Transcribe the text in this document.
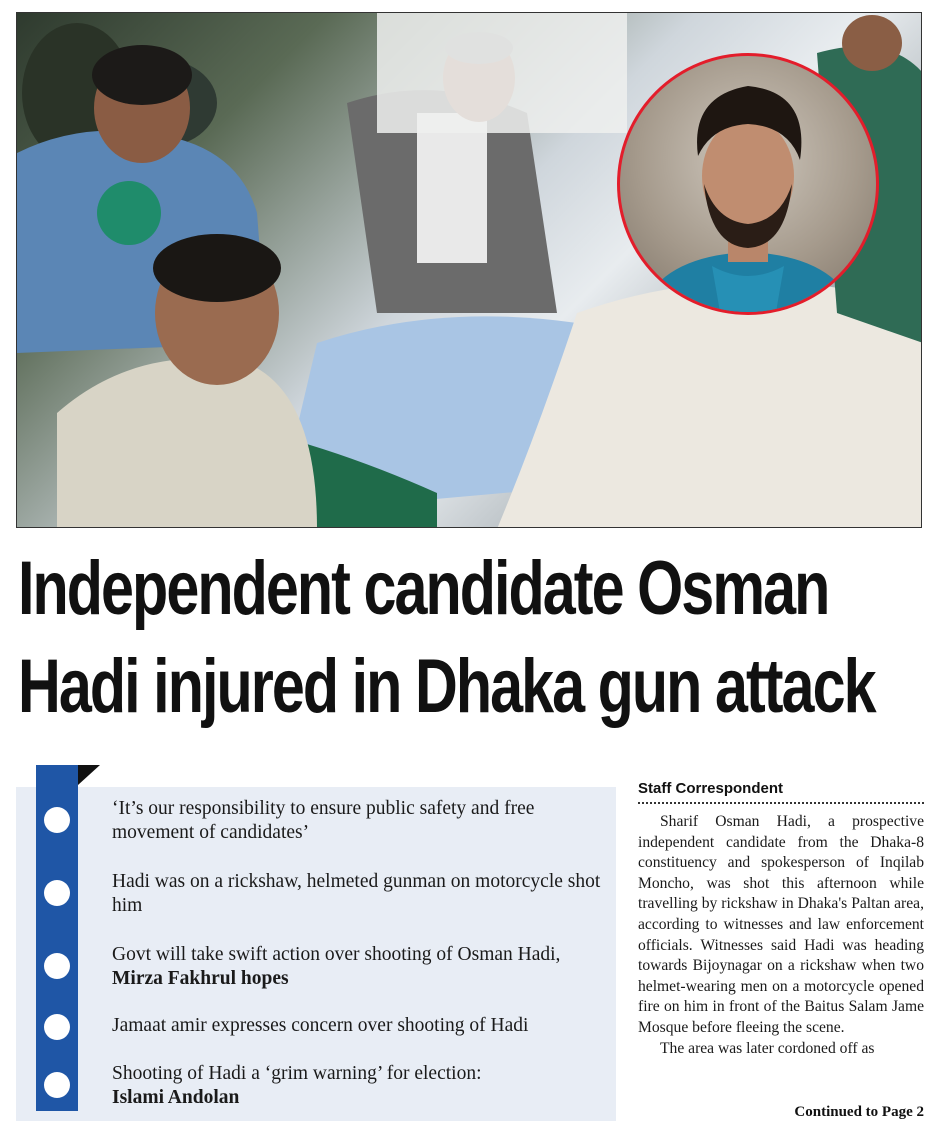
Independent candidate Osman
Hadi injured in Dhaka gun attack
‘It’s our responsibility to ensure public safety and free movement of candidates’
Hadi was on a rickshaw, helmeted gunman on motorcycle shot him
Govt will take swift action over shooting of Osman Hadi, Mirza Fakhrul hopes
Jamaat amir expresses concern over shooting of Hadi
Shooting of Hadi a ‘grim warning’ for election:
Islami Andolan
Staff Correspondent

Sharif Osman Hadi, a prospective independent candidate from the Dhaka-8 constituency and spokesperson of Inqilab Moncho, was shot this afternoon while travelling by rickshaw in Dhaka's Paltan area, according to witnesses and law enforcement officials. Witnesses said Hadi was heading towards Bijoynagar on a rickshaw when two helmet-wearing men on a motorcycle opened fire on him in front of the Baitus Salam Jame Mosque before fleeing the scene.

The area was later cordoned off as

Continued to Page 2
